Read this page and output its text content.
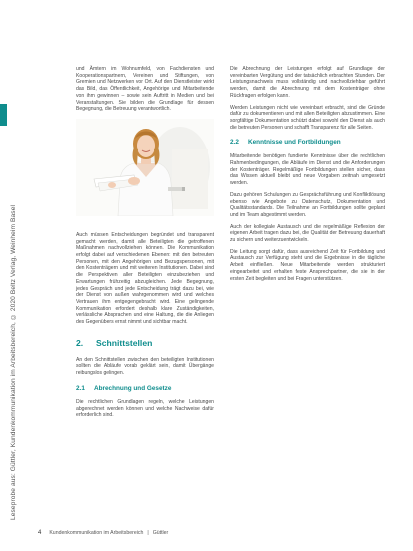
Leseprobe aus: Güttler, Kundenkommunikation im Arbeitsbereich, © 2020 Beltz Verlag, Weinheim Basel

und Ämtern im Wohnumfeld, von Fachdiensten und Kooperationspartnern, Vereinen und Stiftungen, von Gremien und Netzwerken vor Ort. Auf den Dienstleister wirkt das Bild, das Öffentlichkeit, Angehörige und Mitarbeitende von ihm gewinnen – sowie sein Auftritt in Medien und bei Veranstaltungen. Sie bilden die Grundlage für dessen Begegnung, die Betreuung verantwortlich.

Auch müssen Entscheidungen begründet und transparent gemacht werden, damit alle Beteiligten die getroffenen Maßnahmen nachvollziehen können. Die Kommunikation erfolgt dabei auf verschiedenen Ebenen: mit den betreuten Personen, mit den Angehörigen und Bezugspersonen, mit den Kostenträgern und mit weiteren Institutionen. Dabei sind die Perspektiven aller Beteiligten einzubeziehen und Erwartungen frühzeitig abzugleichen. Jede Begegnung, jedes Gespräch und jede Entscheidung trägt dazu bei, wie der Dienst von außen wahrgenommen wird und welches Vertrauen ihm entgegengebracht wird. Eine gelingende Kommunikation erfordert deshalb klare Zuständigkeiten, verlässliche Absprachen und eine Haltung, die die Anliegen des Gegenübers ernst nimmt und sichtbar macht.

2. Schnittstellen

An den Schnittstellen zwischen den beteiligten Institutionen sollten die Abläufe vorab geklärt sein, damit Übergänge reibungslos gelingen.

2.1 Abrechnung und Gesetze

Die rechtlichen Grundlagen regeln, welche Leistungen abgerechnet werden können und welche Nachweise dafür erforderlich sind.

Die Abrechnung der Leistungen erfolgt auf Grundlage der vereinbarten Vergütung und der tatsächlich erbrachten Stunden. Der Leistungsnachweis muss vollständig und nachvollziehbar geführt werden, damit die Abrechnung mit dem Kostenträger ohne Rückfragen erfolgen kann.

Werden Leistungen nicht wie vereinbart erbracht, sind die Gründe dafür zu dokumentieren und mit allen Beteiligten abzustimmen. Eine sorgfältige Dokumentation schützt dabei sowohl den Dienst als auch die betreuten Personen und schafft Transparenz für alle Seiten.

2.2 Kenntnisse und Fortbildungen

Mitarbeitende benötigen fundierte Kenntnisse über die rechtlichen Rahmenbedingungen, die Abläufe im Dienst und die Anforderungen der Kostenträger. Regelmäßige Fortbildungen stellen sicher, dass das Wissen aktuell bleibt und neue Vorgaben zeitnah umgesetzt werden.

Dazu gehören Schulungen zu Gesprächsführung und Konfliktlösung ebenso wie Angebote zu Datenschutz, Dokumentation und Qualitätsstandards. Die Teilnahme an Fortbildungen sollte geplant und im Team abgestimmt werden.

Auch der kollegiale Austausch und die regelmäßige Reflexion der eigenen Arbeit tragen dazu bei, die Qualität der Betreuung dauerhaft zu sichern und weiterzuentwickeln.

Die Leitung sorgt dafür, dass ausreichend Zeit für Fortbildung und Austausch zur Verfügung steht und die Ergebnisse in die tägliche Arbeit einfließen. Neue Mitarbeitende werden strukturiert eingearbeitet und erhalten feste Ansprechpartner, die sie in der ersten Zeit begleiten und bei Fragen unterstützen.

4 Kundenkommunikation im Arbeitsbereich | Güttler
